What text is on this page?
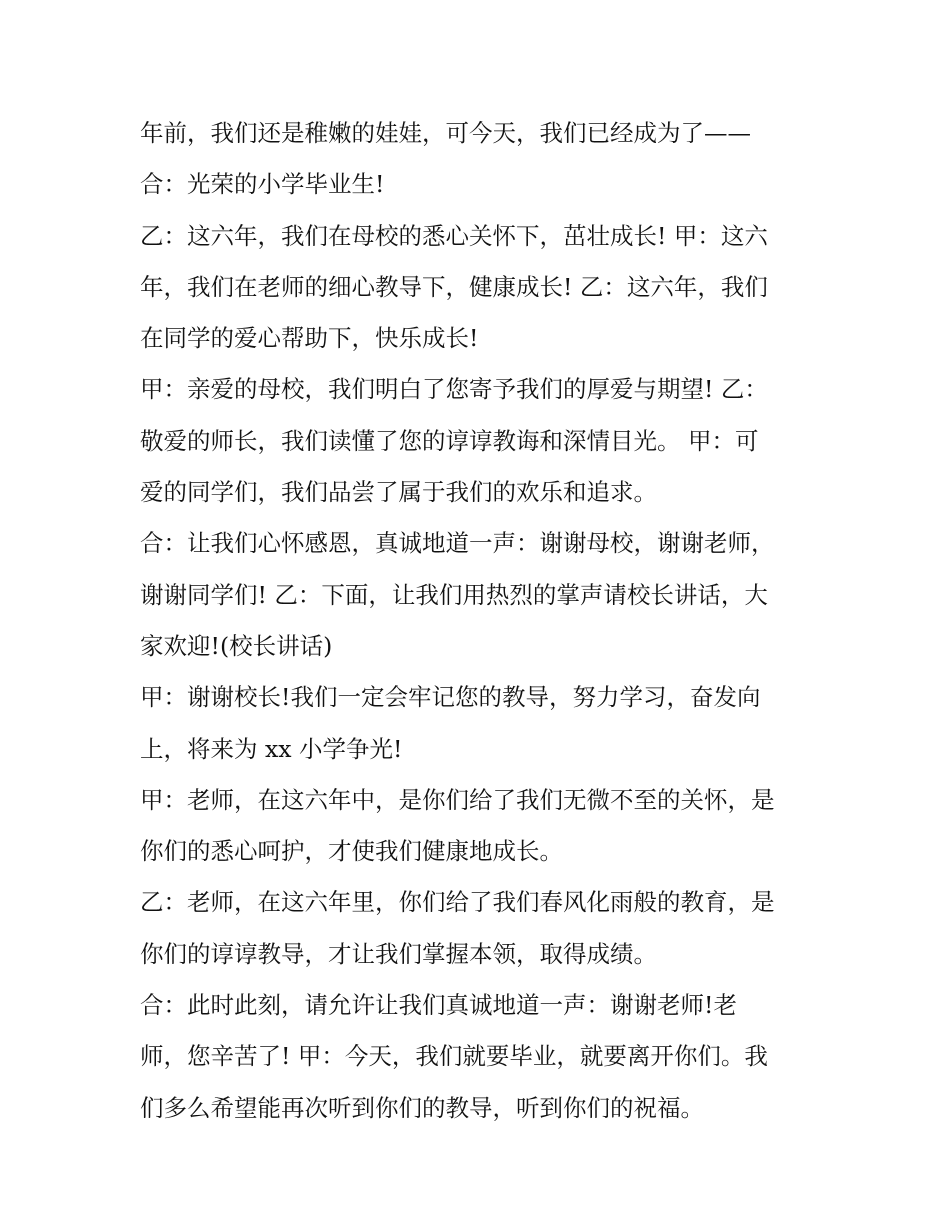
年前，我们还是稚嫩的娃娃，可今天，我们已经成为了——
合：光荣的小学毕业生!
乙：这六年，我们在母校的悉心关怀下，茁壮成长! 甲：这六
年，我们在老师的细心教导下，健康成长! 乙：这六年，我们
在同学的爱心帮助下，快乐成长!
甲：亲爱的母校，我们明白了您寄予我们的厚爱与期望! 乙：
敬爱的师长，我们读懂了您的谆谆教诲和深情目光。 甲：可
爱的同学们，我们品尝了属于我们的欢乐和追求。
合：让我们心怀感恩，真诚地道一声：谢谢母校，谢谢老师，
谢谢同学们! 乙：下面，让我们用热烈的掌声请校长讲话，大
家欢迎!(校长讲话)
甲：谢谢校长!我们一定会牢记您的教导，努力学习，奋发向
上，将来为 xx 小学争光!
甲：老师，在这六年中，是你们给了我们无微不至的关怀，是
你们的悉心呵护，才使我们健康地成长。
乙：老师，在这六年里，你们给了我们春风化雨般的教育，是
你们的谆谆教导，才让我们掌握本领，取得成绩。
合：此时此刻，请允许让我们真诚地道一声：谢谢老师!老
师，您辛苦了! 甲：今天，我们就要毕业，就要离开你们。我
们多么希望能再次听到你们的教导，听到你们的祝福。
